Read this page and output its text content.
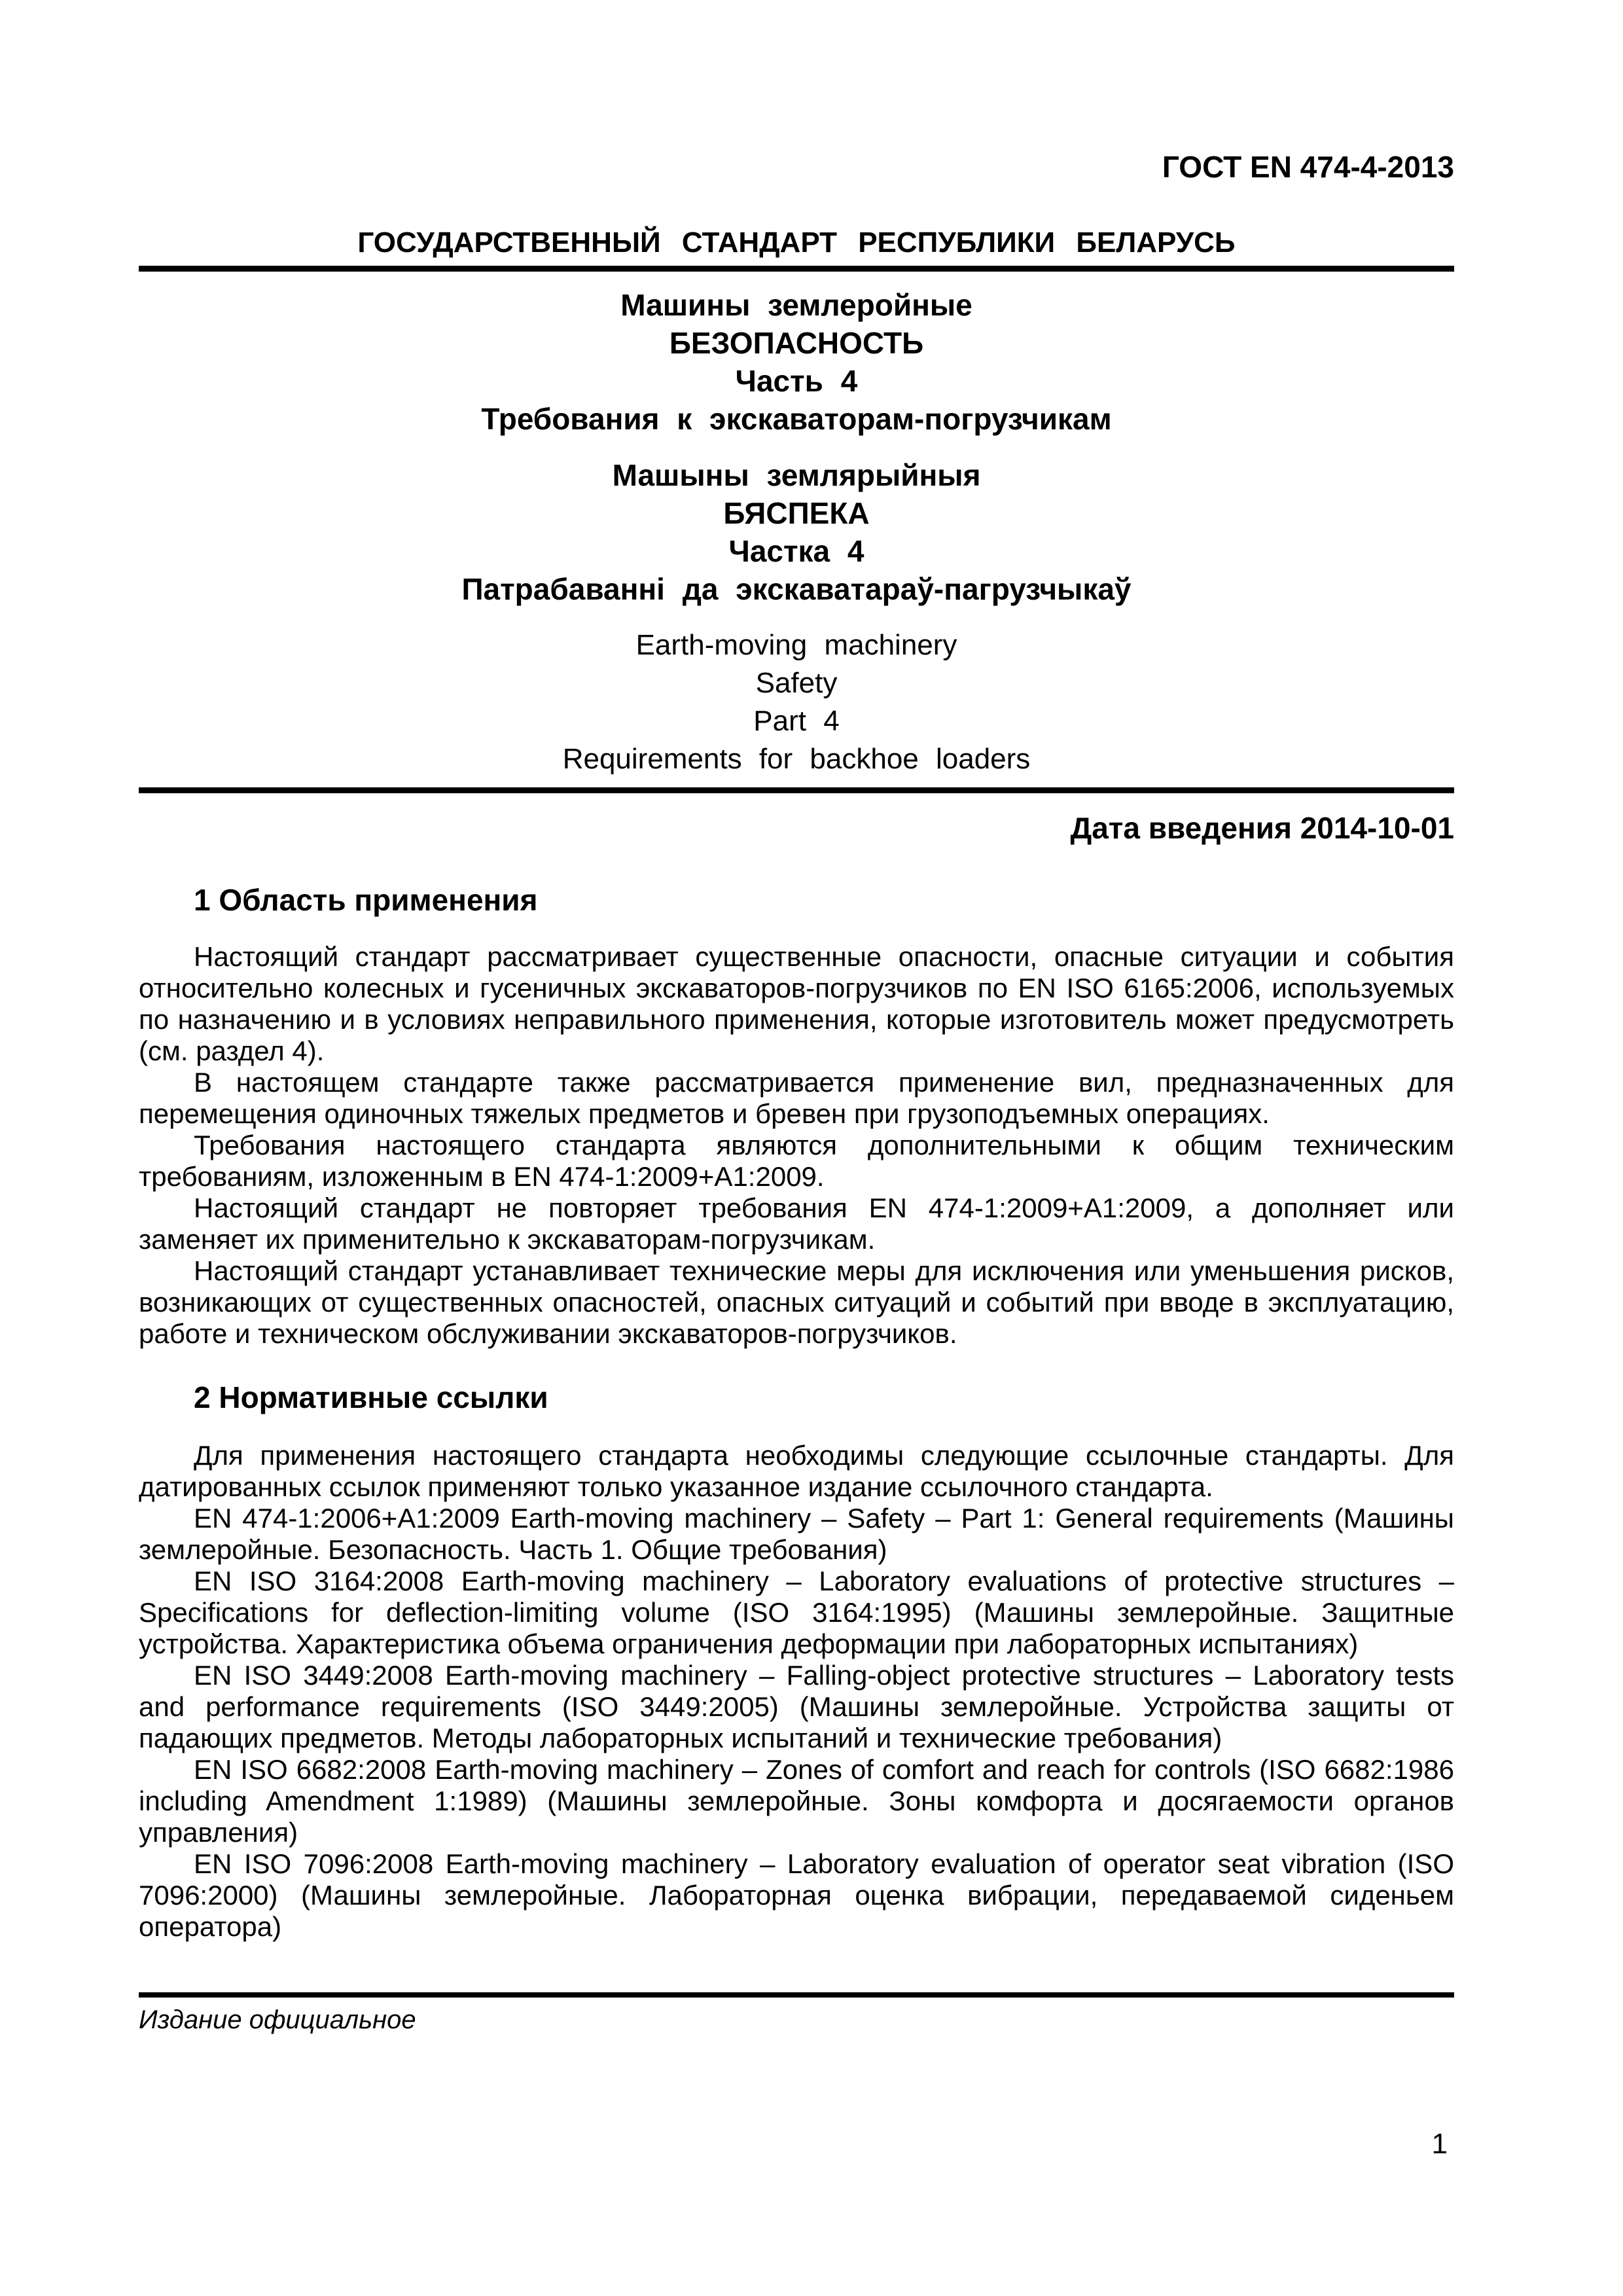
ГОСТ EN 474-4-2013
ГОСУДАРСТВЕННЫЙ СТАНДАРТ РЕСПУБЛИКИ БЕЛАРУСЬ
Машины землеройные
БЕЗОПАСНОСТЬ
Часть 4
Требования к экскаваторам-погрузчикам
Машыны землярыйныя
БЯСПЕКА
Частка 4
Патрабаванні да экскаватараў-пагрузчыкаў
Earth-moving machinery
Safety
Part 4
Requirements for backhoe loaders
Дата введения 2014-10-01
1 Область применения

Настоящий стандарт рассматривает существенные опасности, опасные ситуации и события относительно колесных и гусеничных экскаваторов-погрузчиков по EN ISO 6165:2006, используемых по назначению и в условиях неправильного применения, которые изготовитель может предусмотреть (см. раздел 4).

В настоящем стандарте также рассматривается применение вил, предназначенных для перемещения одиночных тяжелых предметов и бревен при грузоподъемных операциях.

Требования настоящего стандарта являются дополнительными к общим техническим требованиям, изложенным в EN 474-1:2009+A1:2009.

Настоящий стандарт не повторяет требования EN 474-1:2009+A1:2009, а дополняет или заменяет их применительно к экскаваторам-погрузчикам.

Настоящий стандарт устанавливает технические меры для исключения или уменьшения рисков, возникающих от существенных опасностей, опасных ситуаций и событий при вводе в эксплуатацию, работе и техническом обслуживании экскаваторов-погрузчиков.

2 Нормативные ссылки

Для применения настоящего стандарта необходимы следующие ссылочные стандарты. Для датированных ссылок применяют только указанное издание ссылочного стандарта.

EN 474-1:2006+A1:2009 Earth-moving machinery – Safety – Part 1: General requirements (Машины землеройные. Безопасность. Часть 1. Общие требования)

EN ISO 3164:2008 Earth-moving machinery – Laboratory evaluations of protective structures – Specifications for deflection-limiting volume (ISO 3164:1995) (Машины землеройные. Защитные устройства. Характеристика объема ограничения деформации при лабораторных испытаниях)

EN ISO 3449:2008 Earth-moving machinery – Falling-object protective structures – Laboratory tests and performance requirements (ISO 3449:2005) (Машины землеройные. Устройства защиты от падающих предметов. Методы лабораторных испытаний и технические требования)

EN ISO 6682:2008 Earth-moving machinery – Zones of comfort and reach for controls (ISO 6682:1986 including Amendment 1:1989) (Машины землеройные. Зоны комфорта и досягаемости органов управления)

EN ISO 7096:2008 Earth-moving machinery – Laboratory evaluation of operator seat vibration (ISO 7096:2000) (Машины землеройные. Лабораторная оценка вибрации, передаваемой сиденьем оператора)

Издание официальное
1
